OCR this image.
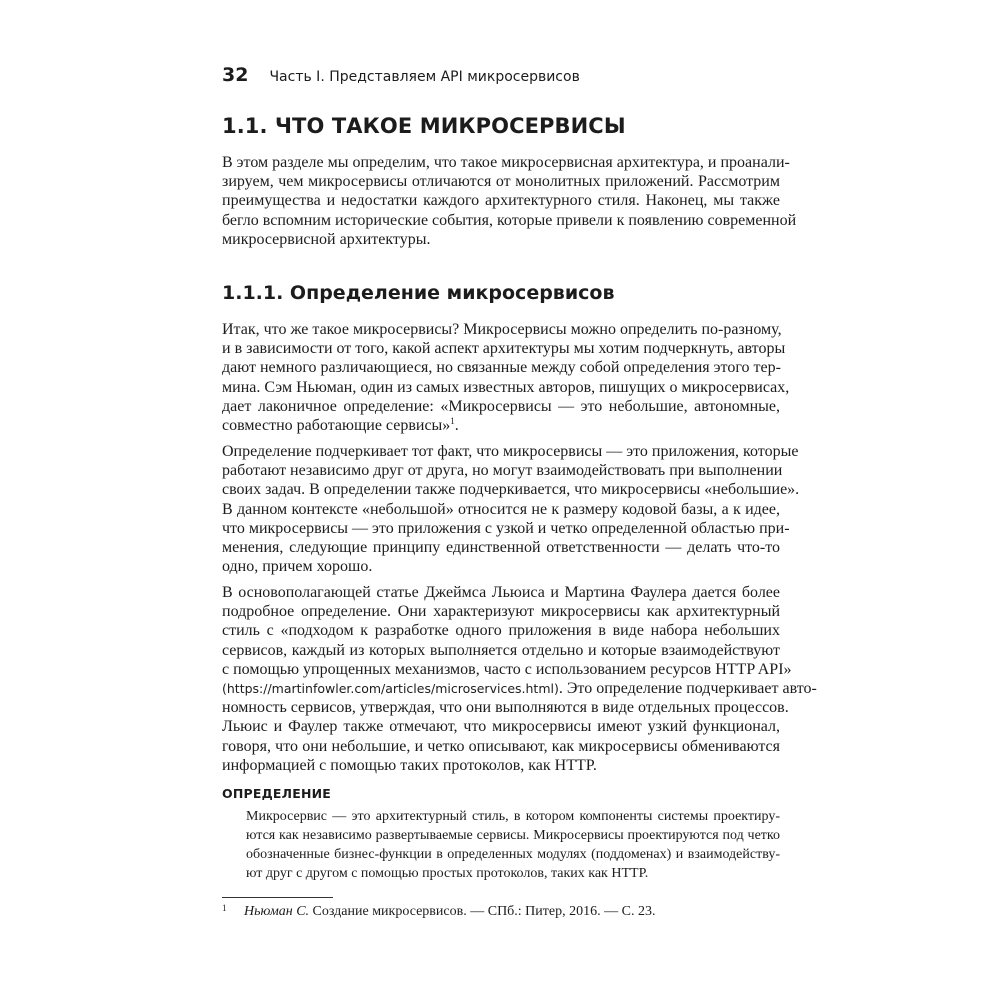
32 Часть I. Представляем API микросервисов
1.1. ЧТО ТАКОЕ МИКРОСЕРВИСЫ
В этом разделе мы определим, что такое микросервисная архитектура, и проанали-
зируем, чем микросервисы отличаются от монолитных приложений. Рассмотрим
преимущества и недостатки каждого архитектурного стиля. Наконец, мы также
бегло вспомним исторические события, которые привели к появлению современной
микросервисной архитектуры.
1.1.1. Определение микросервисов
Итак, что же такое микросервисы? Микросервисы можно определить по-разному,
и в зависимости от того, какой аспект архитектуры мы хотим подчеркнуть, авторы
дают немного различающиеся, но связанные между собой определения этого тер-
мина. Сэм Ньюман, один из самых известных авторов, пишущих о микросервисах,
дает лаконичное определение: «Микросервисы — это небольшие, автономные,
совместно работающие сервисы»$^1$.
Определение подчеркивает тот факт, что микросервисы — это приложения, которые
работают независимо друг от друга, но могут взаимодействовать при выполнении
своих задач. В определении также подчеркивается, что микросервисы «небольшие».
В данном контексте «небольшой» относится не к размеру кодовой базы, а к идее,
что микросервисы — это приложения с узкой и четко определенной областью при-
менения, следующие принципу единственной ответственности — делать что-то
одно, причем хорошо.
В основополагающей статье Джеймса Льюиса и Мартина Фаулера дается более
подробное определение. Они характеризуют микросервисы как архитектурный
стиль с «подходом к разработке одного приложения в виде набора небольших
сервисов, каждый из которых выполняется отдельно и которые взаимодействуют
с помощью упрощенных механизмов, часто с использованием ресурсов HTTP API»
(https://martinfowler.com/articles/microservices.html). Это определение подчеркивает авто-
номность сервисов, утверждая, что они выполняются в виде отдельных процессов.
Льюис и Фаулер также отмечают, что микросервисы имеют узкий функционал,
говоря, что они небольшие, и четко описывают, как микросервисы обмениваются
информацией с помощью таких протоколов, как HTTP.
ОПРЕДЕЛЕНИЕ
Микросервис — это архитектурный стиль, в котором компоненты системы проектиру-
ются как независимо развертываемые сервисы. Микросервисы проектируются под четко
обозначенные бизнес-функции в определенных модулях (поддоменах) и взаимодейству-
ют друг с другом с помощью простых протоколов, таких как HTTP.
1	Ньюман С. Создание микросервисов. — СПб.: Питер, 2016. — С. 23.
